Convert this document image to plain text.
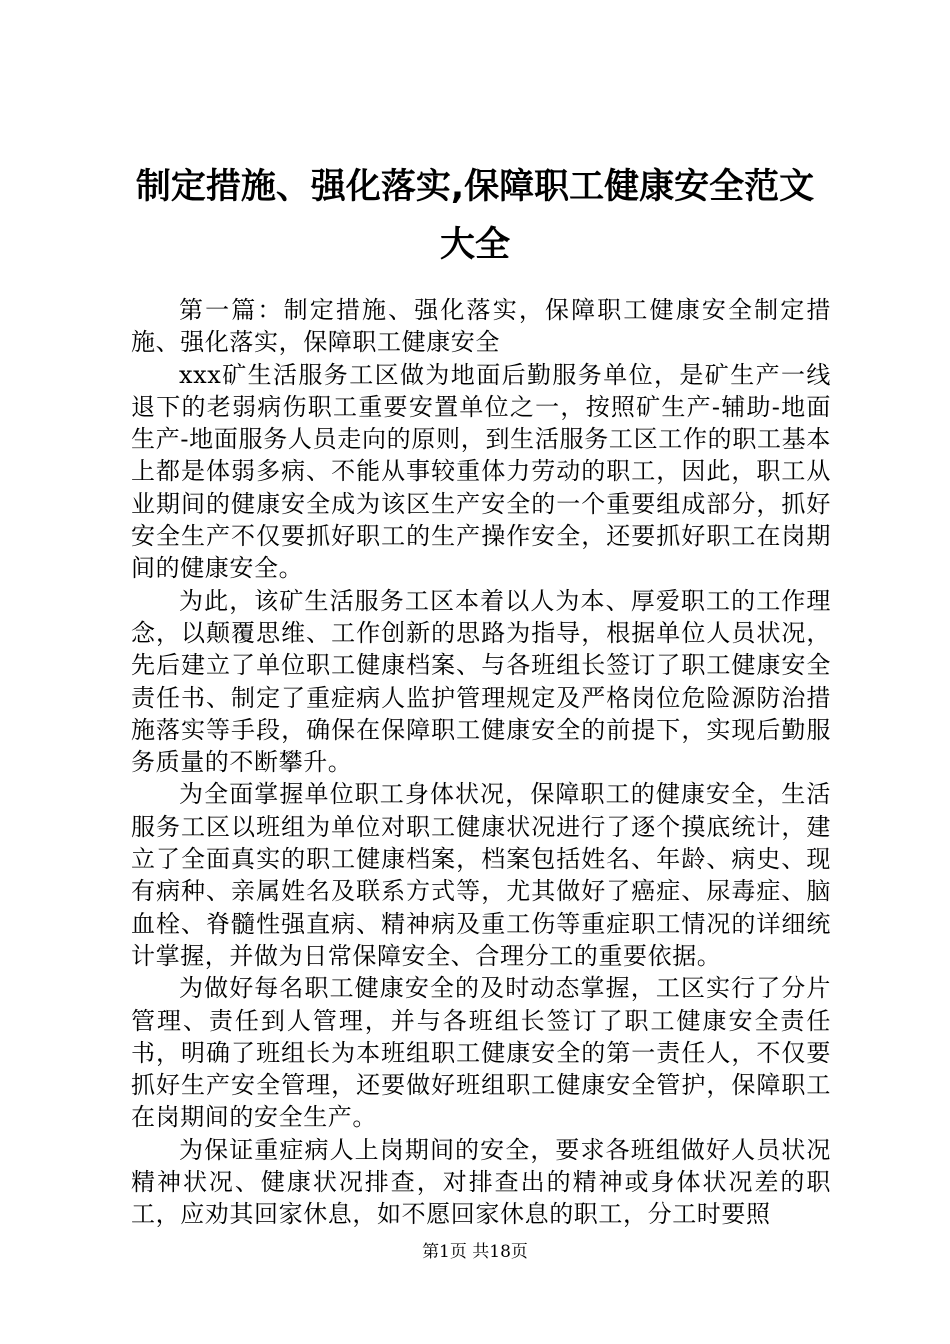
制定措施、强化落实,保障职工健康安全范文大全

第一篇：制定措施、强化落实，保障职工健康安全制定措施、强化落实，保障职工健康安全

xxx矿生活服务工区做为地面后勤服务单位，是矿生产一线退下的老弱病伤职工重要安置单位之一，按照矿生产-辅助-地面生产-地面服务人员走向的原则，到生活服务工区工作的职工基本上都是体弱多病、不能从事较重体力劳动的职工，因此，职工从业期间的健康安全成为该区生产安全的一个重要组成部分，抓好安全生产不仅要抓好职工的生产操作安全，还要抓好职工在岗期间的健康安全。

为此，该矿生活服务工区本着以人为本、厚爱职工的工作理念，以颠覆思维、工作创新的思路为指导，根据单位人员状况，先后建立了单位职工健康档案、与各班组长签订了职工健康安全责任书、制定了重症病人监护管理规定及严格岗位危险源防治措施落实等手段，确保在保障职工健康安全的前提下，实现后勤服务质量的不断攀升。

为全面掌握单位职工身体状况，保障职工的健康安全，生活服务工区以班组为单位对职工健康状况进行了逐个摸底统计，建立了全面真实的职工健康档案，档案包括姓名、年龄、病史、现有病种、亲属姓名及联系方式等，尤其做好了癌症、尿毒症、脑血栓、脊髓性强直病、精神病及重工伤等重症职工情况的详细统计掌握，并做为日常保障安全、合理分工的重要依据。

为做好每名职工健康安全的及时动态掌握，工区实行了分片管理、责任到人管理，并与各班组长签订了职工健康安全责任书，明确了班组长为本班组职工健康安全的第一责任人，不仅要抓好生产安全管理，还要做好班组职工健康安全管护，保障职工在岗期间的安全生产。

为保证重症病人上岗期间的安全，要求各班组做好人员状况精神状况、健康状况排查，对排查出的精神或身体状况差的职工，应劝其回家休息，如不愿回家休息的职工，分工时要照

第1页 共18页
